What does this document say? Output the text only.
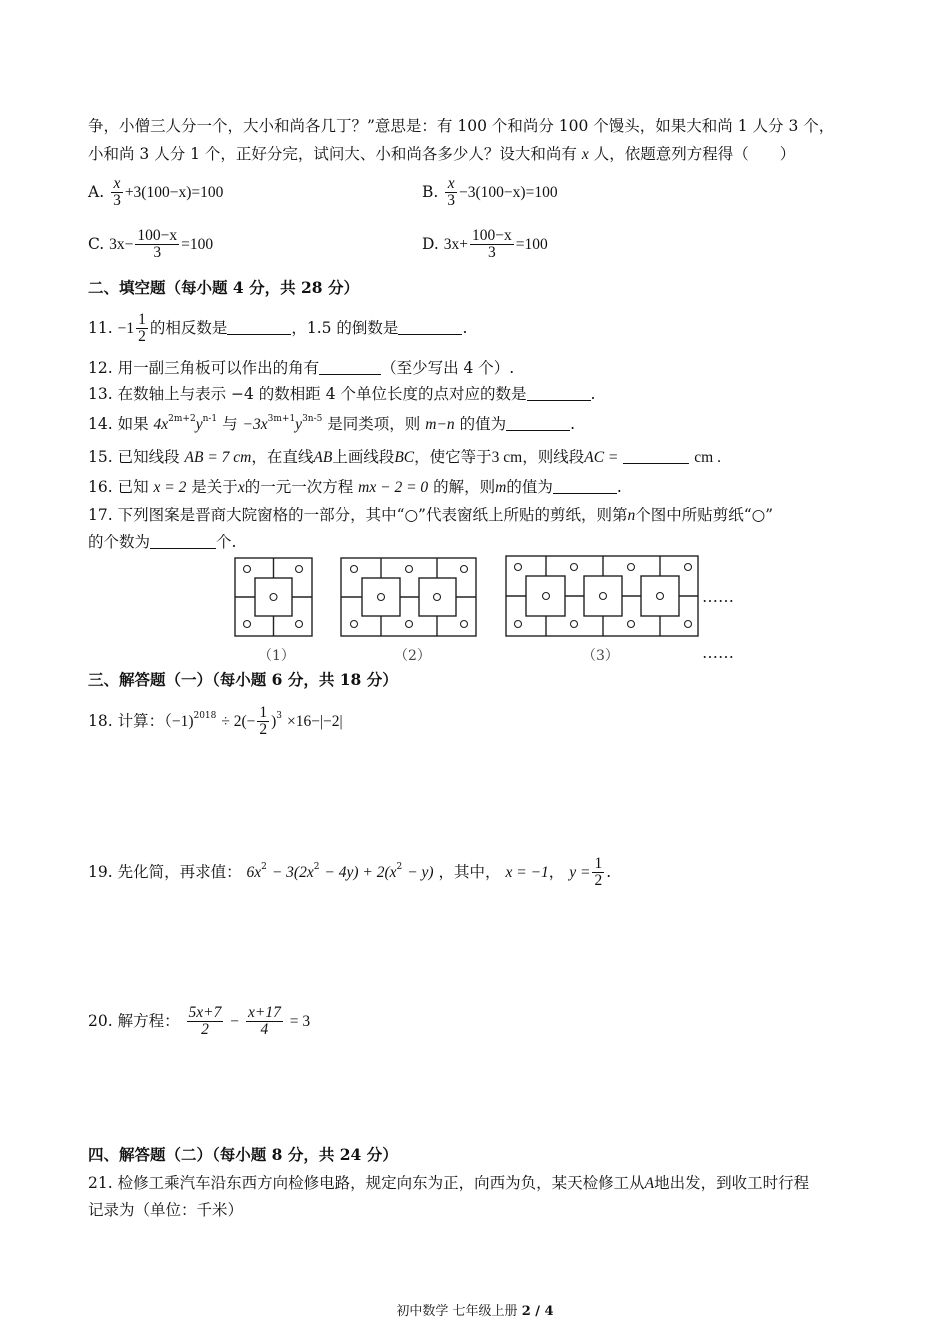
争，小僧三人分一个，大小和尚各几丁？”意思是：有 100 个和尚分 100 个馒头，如果大和尚 1 人分 3 个，
小和尚 3 人分 1 个，正好分完，试问大、小和尚各多少人？设大和尚有 x 人，依题意列方程得（　　）
A. $\frac{x}{3} +3(100-x)=100$	B. $\frac{x}{3} -3(100-x)=100$
C. $3x- \frac{100-x}{3} =100$	D. $3x+ \frac{100-x}{3} =100$
二、填空题（每小题 4 分，共 28 分）
11. $-1 \frac{1}{2}$ 的相反数是	，1.5 的倒数是	.
12. 用一副三角板可以作出的角有	（至少写出 4 个）.
13. 在数轴上与表示 −4 的数相距 4 个单位长度的点对应的数是	.
14. 如果 $4x^{2m+2}y^{n-1}$ 与 $-3x^{3m+1}y^{3n-5}$ 是同类项，则 m−n 的值为	.
15. 已知线段 AB = 7 cm，在直线AB上画线段BC，使它等于3 cm，则线段AC =	cm .
16. 已知 x = 2 是关于x的一元一次方程 mx − 2 = 0 的解，则m的值为	.
17. 下列图案是晋商大院窗格的一部分，其中“○”代表窗纸上所贴的剪纸，则第n个图中所贴剪纸“○”
的个数为	个.
……
……
（1）	（2）	（3）
三、解答题（一）（每小题 6 分，共 18 分）
18. 计算：$(-1)^{2018} \div 2(- \frac{1}{2} )^3 \times 16-|-2|$
19. 先化简，再求值： $6x^2 - 3(2x^2 - 4y) + 2(x^2 - y)$ ，其中， x = −1， $y = \frac{1}{2}$ .
20. 解方程： $\frac{5x+7}{2} - \frac{x+17}{4} = 3$
四、解答题（二）（每小题 8 分，共 24 分）
21. 检修工乘汽车沿东西方向检修电路，规定向东为正，向西为负，某天检修工从A地出发，到收工时行程
记录为（单位：千米）
初中数学 七年级上册 2 / 4
